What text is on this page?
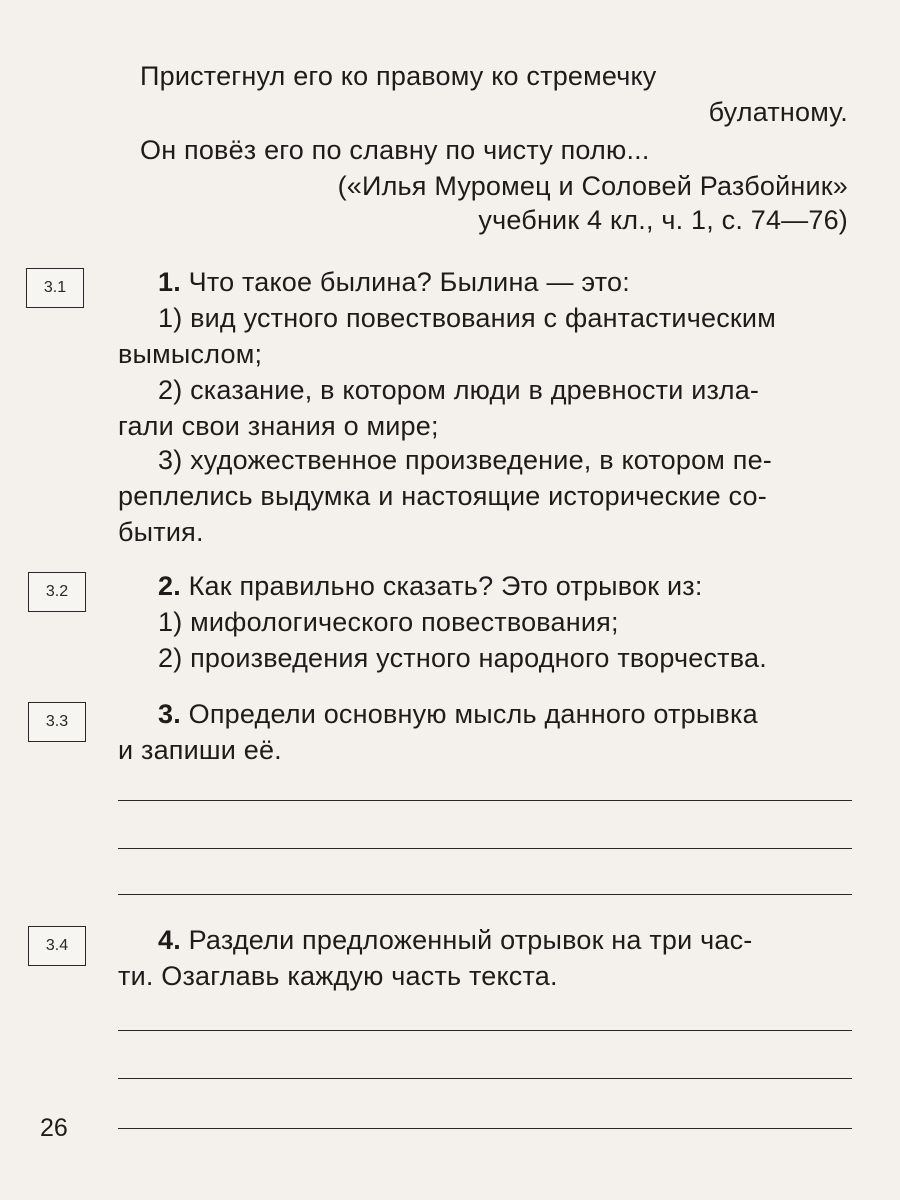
Пристегнул его ко правому ко стремечку
булатному.
Он повёз его по славну по чисту полю...
(«Илья Муромец и Соловей Разбойник»
учебник 4 кл., ч. 1, с. 74—76)
3.1	1. Что такое былина? Былина — это:
1) вид устного повествования с фантастическим
вымыслом;
2) сказание, в котором люди в древности изла-
гали свои знания о мире;
3) художественное произведение, в котором пе-
реплелись выдумка и настоящие исторические со-
бытия.
3.2	2. Как правильно сказать? Это отрывок из:
1) мифологического повествования;
2) произведения устного народного творчества.
3.3	3. Определи основную мысль данного отрывка
и запиши её.
3.4	4. Раздели предложенный отрывок на три час-
ти. Озаглавь каждую часть текста.
26
